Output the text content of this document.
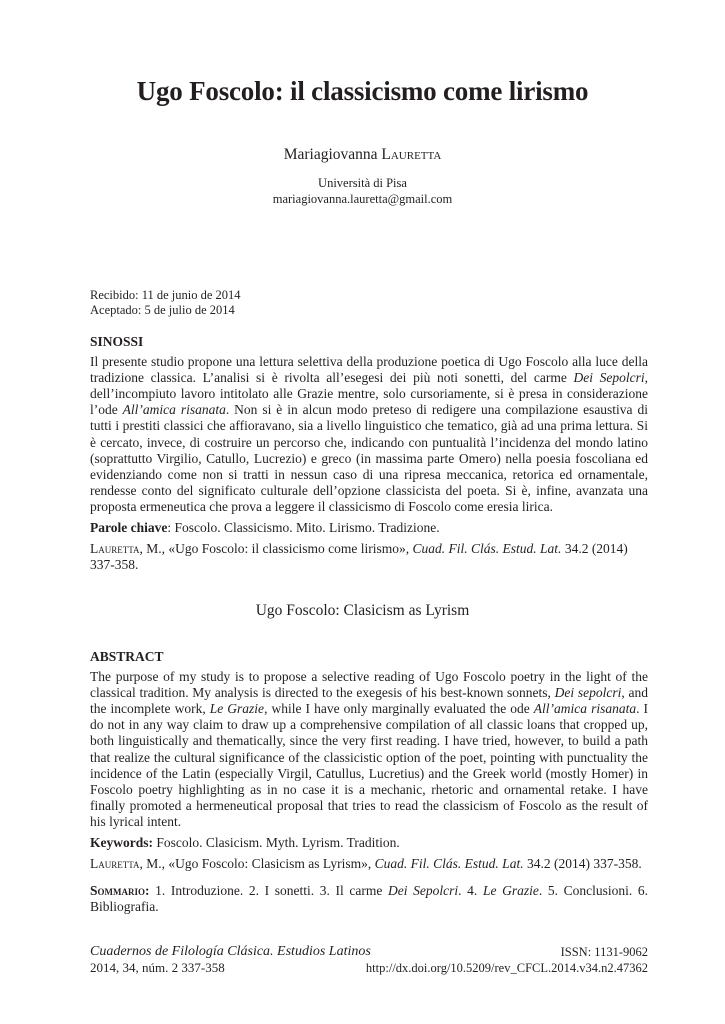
Ugo Foscolo: il classicismo come lirismo
Mariagiovanna Lauretta
Università di Pisa
mariagiovanna.lauretta@gmail.com
Recibido: 11 de junio de 2014
Aceptado: 5 de julio de 2014
SINOSSI

Il presente studio propone una lettura selettiva della produzione poetica di Ugo Foscolo alla luce della tradizione classica. L’analisi si è rivolta all’esegesi dei più noti sonetti, del carme Dei Sepolcri, dell’incompiuto lavoro intitolato alle Grazie mentre, solo cursoriamente, si è presa in considerazione l’ode All’amica risanata. Non si è in alcun modo preteso di redigere una compilazione esaustiva di tutti i prestiti classici che affioravano, sia a livello linguistico che tematico, già ad una prima lettura. Si è cercato, invece, di costruire un percorso che, indicando con puntualità l’incidenza del mondo latino (soprattutto Virgilio, Catullo, Lucrezio) e greco (in massima parte Omero) nella poesia foscoliana ed evidenziando come non si tratti in nessun caso di una ripresa meccanica, retorica ed ornamentale, rendesse conto del significato culturale dell’opzione classicista del poeta. Si è, infine, avanzata una proposta ermeneutica che prova a leggere il classicismo di Foscolo come eresia lirica.

Parole chiave: Foscolo. Classicismo. Mito. Lirismo. Tradizione.

Lauretta, M., «Ugo Foscolo: il classicismo come lirismo», Cuad. Fil. Clás. Estud. Lat. 34.2 (2014) 337-358.

Ugo Foscolo: Clasicism as Lyrism
ABSTRACT

The purpose of my study is to propose a selective reading of Ugo Foscolo poetry in the light of the classical tradition. My analysis is directed to the exegesis of his best-known sonnets, Dei sepolcri, and the incomplete work, Le Grazie, while I have only marginally evaluated the ode All’amica risanata. I do not in any way claim to draw up a comprehensive compilation of all classic loans that cropped up, both linguistically and thematically, since the very first reading. I have tried, however, to build a path that realize the cultural significance of the classicistic option of the poet, pointing with punctuality the incidence of the Latin (especially Virgil, Catullus, Lucretius) and the Greek world (mostly Homer) in Foscolo poetry highlighting as in no case it is a mechanic, rhetoric and ornamental retake. I have finally promoted a hermeneutical proposal that tries to read the classicism of Foscolo as the result of his lyrical intent.

Keywords: Foscolo. Clasicism. Myth. Lyrism. Tradition.

Lauretta, M., «Ugo Foscolo: Clasicism as Lyrism», Cuad. Fil. Clás. Estud. Lat. 34.2 (2014) 337-358.

Sommario: 1. Introduzione. 2. I sonetti. 3. Il carme Dei Sepolcri. 4. Le Grazie. 5. Conclusioni. 6. Bibliografia.

Cuadernos de Filología Clásica. Estudios Latinos
2014, 34, núm. 2 337-358
ISSN: 1131-9062
http://dx.doi.org/10.5209/rev_CFCL.2014.v34.n2.47362
